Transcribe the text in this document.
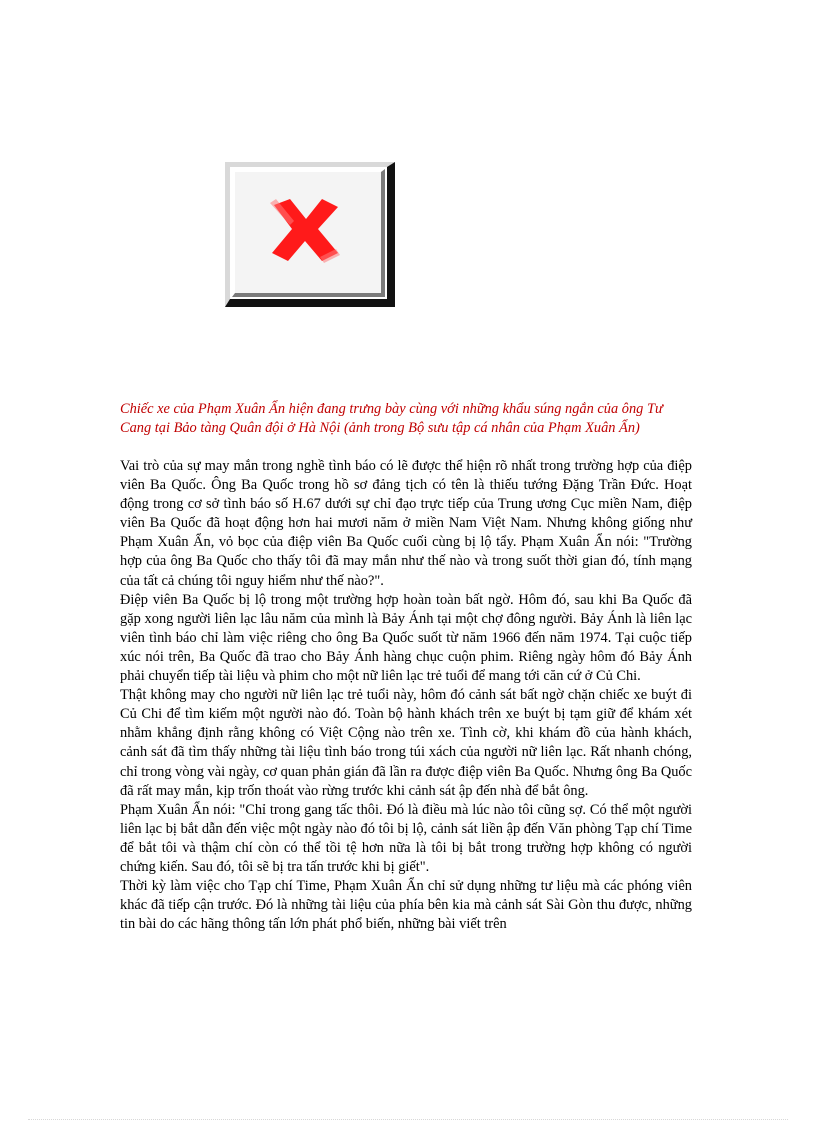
Chiếc xe của Phạm Xuân Ẩn hiện đang trưng bày cùng với những khẩu súng ngắn của ông Tư Cang tại Bảo tàng Quân đội ở Hà Nội (ảnh trong Bộ sưu tập cá nhân của Phạm Xuân Ẩn)

Vai trò của sự may mắn trong nghề tình báo có lẽ được thể hiện rõ nhất trong trường hợp của điệp viên Ba Quốc. Ông Ba Quốc trong hồ sơ đảng tịch có tên là thiếu tướng Đặng Trần Đức. Hoạt động trong cơ sở tình báo số H.67 dưới sự chỉ đạo trực tiếp của Trung ương Cục miền Nam, điệp viên Ba Quốc đã hoạt động hơn hai mươi năm ở miền Nam Việt Nam. Nhưng không giống như Phạm Xuân Ẩn, vỏ bọc của điệp viên Ba Quốc cuối cùng bị lộ tẩy. Phạm Xuân Ẩn nói: "Trường hợp của ông Ba Quốc cho thấy tôi đã may mắn như thế nào và trong suốt thời gian đó, tính mạng của tất cả chúng tôi nguy hiểm như thế nào?".

Điệp viên Ba Quốc bị lộ trong một trường hợp hoàn toàn bất ngờ. Hôm đó, sau khi Ba Quốc đã gặp xong người liên lạc lâu năm của mình là Bảy Ánh tại một chợ đông người. Bảy Ánh là liên lạc viên tình báo chỉ làm việc riêng cho ông Ba Quốc suốt từ năm 1966 đến năm 1974. Tại cuộc tiếp xúc nói trên, Ba Quốc đã trao cho Bảy Ánh hàng chục cuộn phim. Riêng ngày hôm đó Bảy Ánh phải chuyển tiếp tài liệu và phim cho một nữ liên lạc trẻ tuổi để mang tới căn cứ ở Củ Chi.

Thật không may cho người nữ liên lạc trẻ tuổi này, hôm đó cảnh sát bất ngờ chặn chiếc xe buýt đi Củ Chi để tìm kiếm một người nào đó. Toàn bộ hành khách trên xe buýt bị tạm giữ để khám xét nhằm khẳng định rằng không có Việt Cộng nào trên xe. Tình cờ, khi khám đồ của hành khách, cảnh sát đã tìm thấy những tài liệu tình báo trong túi xách của người nữ liên lạc. Rất nhanh chóng, chỉ trong vòng vài ngày, cơ quan phản gián đã lần ra được điệp viên Ba Quốc. Nhưng ông Ba Quốc đã rất may mắn, kịp trốn thoát vào rừng trước khi cảnh sát ập đến nhà để bắt ông.

Phạm Xuân Ẩn nói: "Chỉ trong gang tấc thôi. Đó là điều mà lúc nào tôi cũng sợ. Có thể một người liên lạc bị bắt dẫn đến việc một ngày nào đó tôi bị lộ, cảnh sát liền ập đến Văn phòng Tạp chí Time để bắt tôi và thậm chí còn có thể tồi tệ hơn nữa là tôi bị bắt trong trường hợp không có người chứng kiến. Sau đó, tôi sẽ bị tra tấn trước khi bị giết".

Thời kỳ làm việc cho Tạp chí Time, Phạm Xuân Ẩn chỉ sử dụng những tư liệu mà các phóng viên khác đã tiếp cận trước. Đó là những tài liệu của phía bên kia mà cảnh sát Sài Gòn thu được, những tin bài do các hãng thông tấn lớn phát phổ biến, những bài viết trên
